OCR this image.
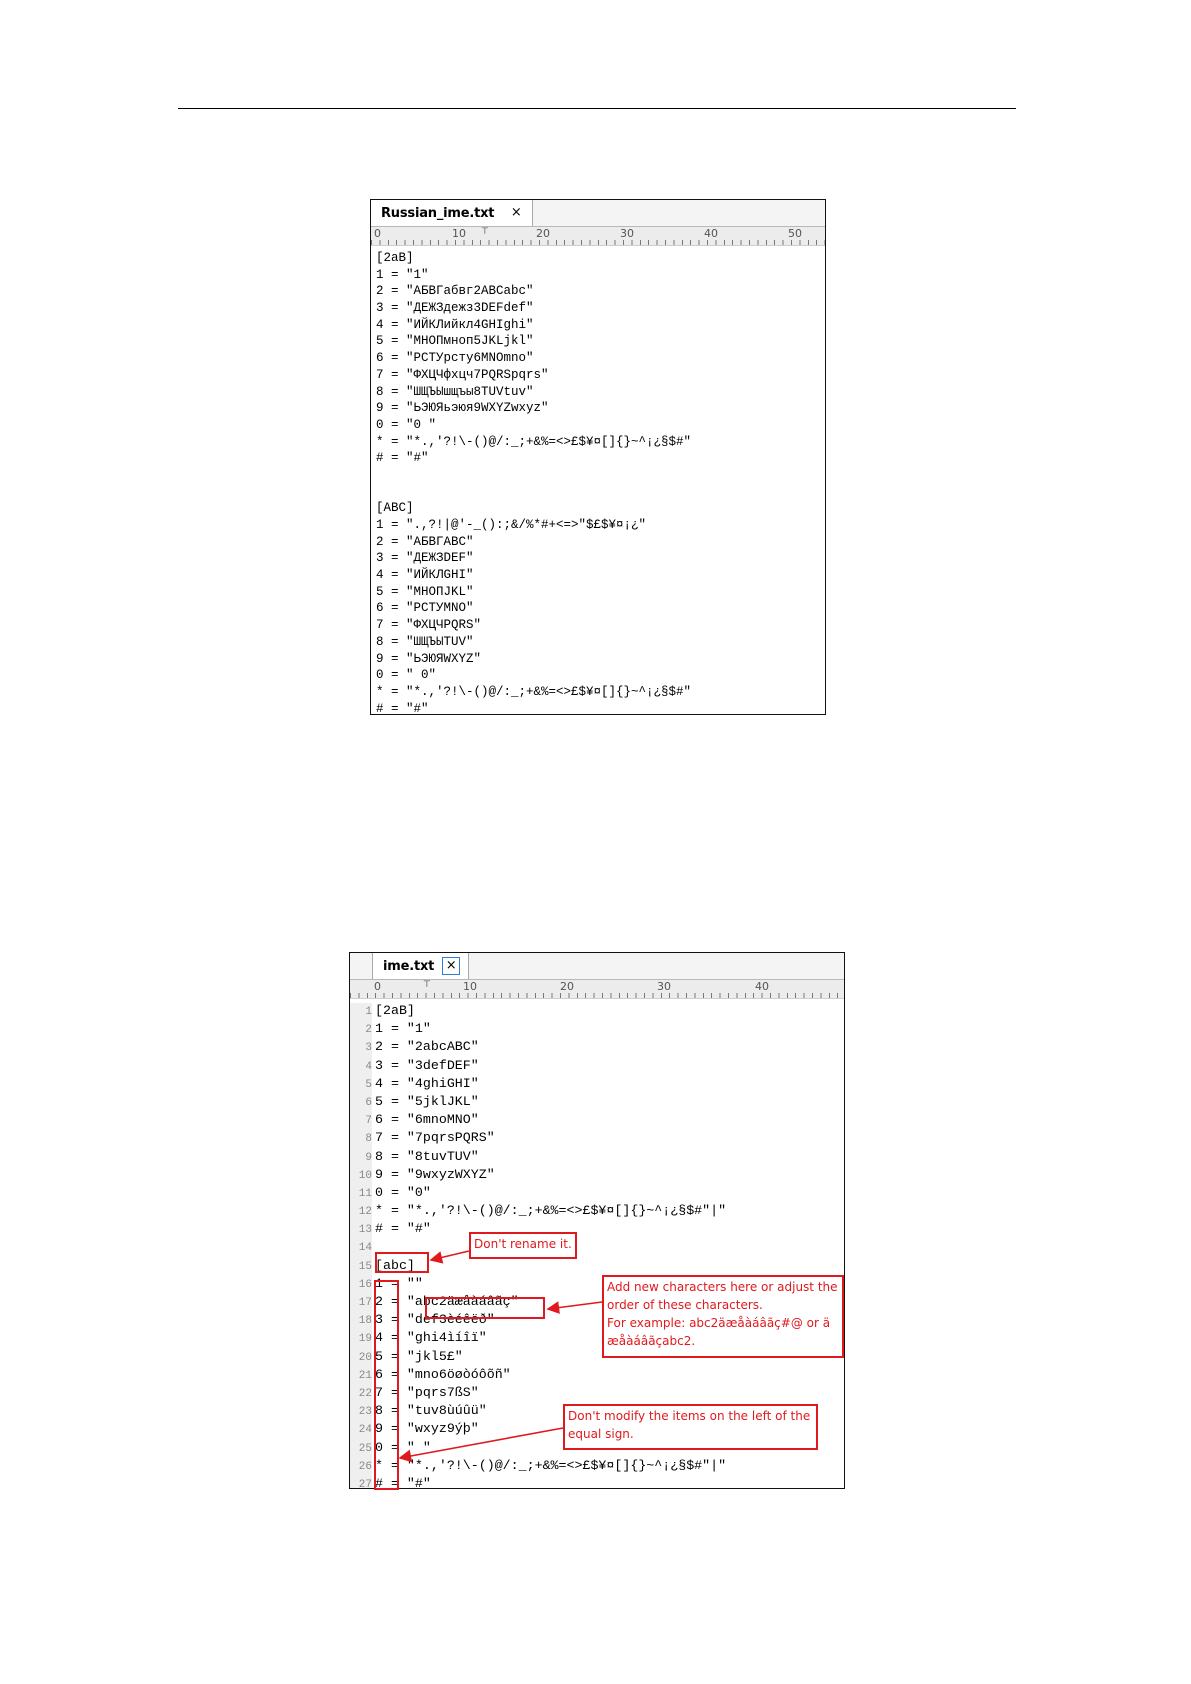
Russian_ime.txt ×
0	10	20	30	40	50
⊤
[2aB]
1 = "1"
2 = "АБВГабвг2ABCabc"
3 = "ДЕЖЗдежз3DEFdef"
4 = "ИЙКЛийкл4GHIghi"
5 = "МНОПмноп5JKLjkl"
6 = "РСТУрсту6MNOmno"
7 = "ФХЦЧфхцч7PQRSpqrs"
8 = "ШЩЪЫшщъы8TUVtuv"
9 = "ЬЭЮЯьэюя9WXYZwxyz"
0 = "0 "
* = "*.,'?!\-()@/:_;+&%=<>£$¥¤[]{}~^¡¿§$#"
# = "#"

[ABC]
1 = ".,?!|@'-_():;&/%*#+<=>"$£$¥¤¡¿"
2 = "АБВГABC"
3 = "ДЕЖЗDEF"
4 = "ИЙКЛGHI"
5 = "МНОПJKL"
6 = "РСТУMNO"
7 = "ФХЦЧPQRS"
8 = "ШЩЪЫTUV"
9 = "ЬЭЮЯWXYZ"
0 = " 0"
* = "*.,'?!\-()@/:_;+&%=<>£$¥¤[]{}~^¡¿§$#"
# = "#"
ime.txt ×
0	10	20	30	40
⊤
1 [2aB]
2 1 = "1"
3 2 = "2abcABC"
4 3 = "3defDEF"
5 4 = "4ghiGHI"
6 5 = "5jklJKL"
7 6 = "6mnoMNO"
8 7 = "7pqrsPQRS"
9 8 = "8tuvTUV"
10 9 = "9wxyzWXYZ"
11 0 = "0"
12 * = "*.,'?!\-()@/:_;+&%=<>£$¥¤[]{}~^¡¿§$#"|"
13 # = "#"
14
15 [abc]
16 1 = ""
17 2 = "abc2äæåàáâãç"
18 3 = "def3èéêëð"
19 4 = "ghi4ìíîï"
20 5 = "jkl5£"
21 6 = "mno6öøòóôõñ"
22 7 = "pqrs7ßS"
23 8 = "tuv8ùúûü"
24 9 = "wxyz9ýþ"
25 0 = " "
26 * = "*.,'?!\-()@/:_;+&%=<>£$¥¤[]{}~^¡¿§$#"|"
27 # = "#"
Don't rename it.
Add new characters here or adjust the
order of these characters.
For example: abc2äæåàáâãç#@ or ä
æåàáâãçabc2.
Don't modify the items on the left of the
equal sign.
